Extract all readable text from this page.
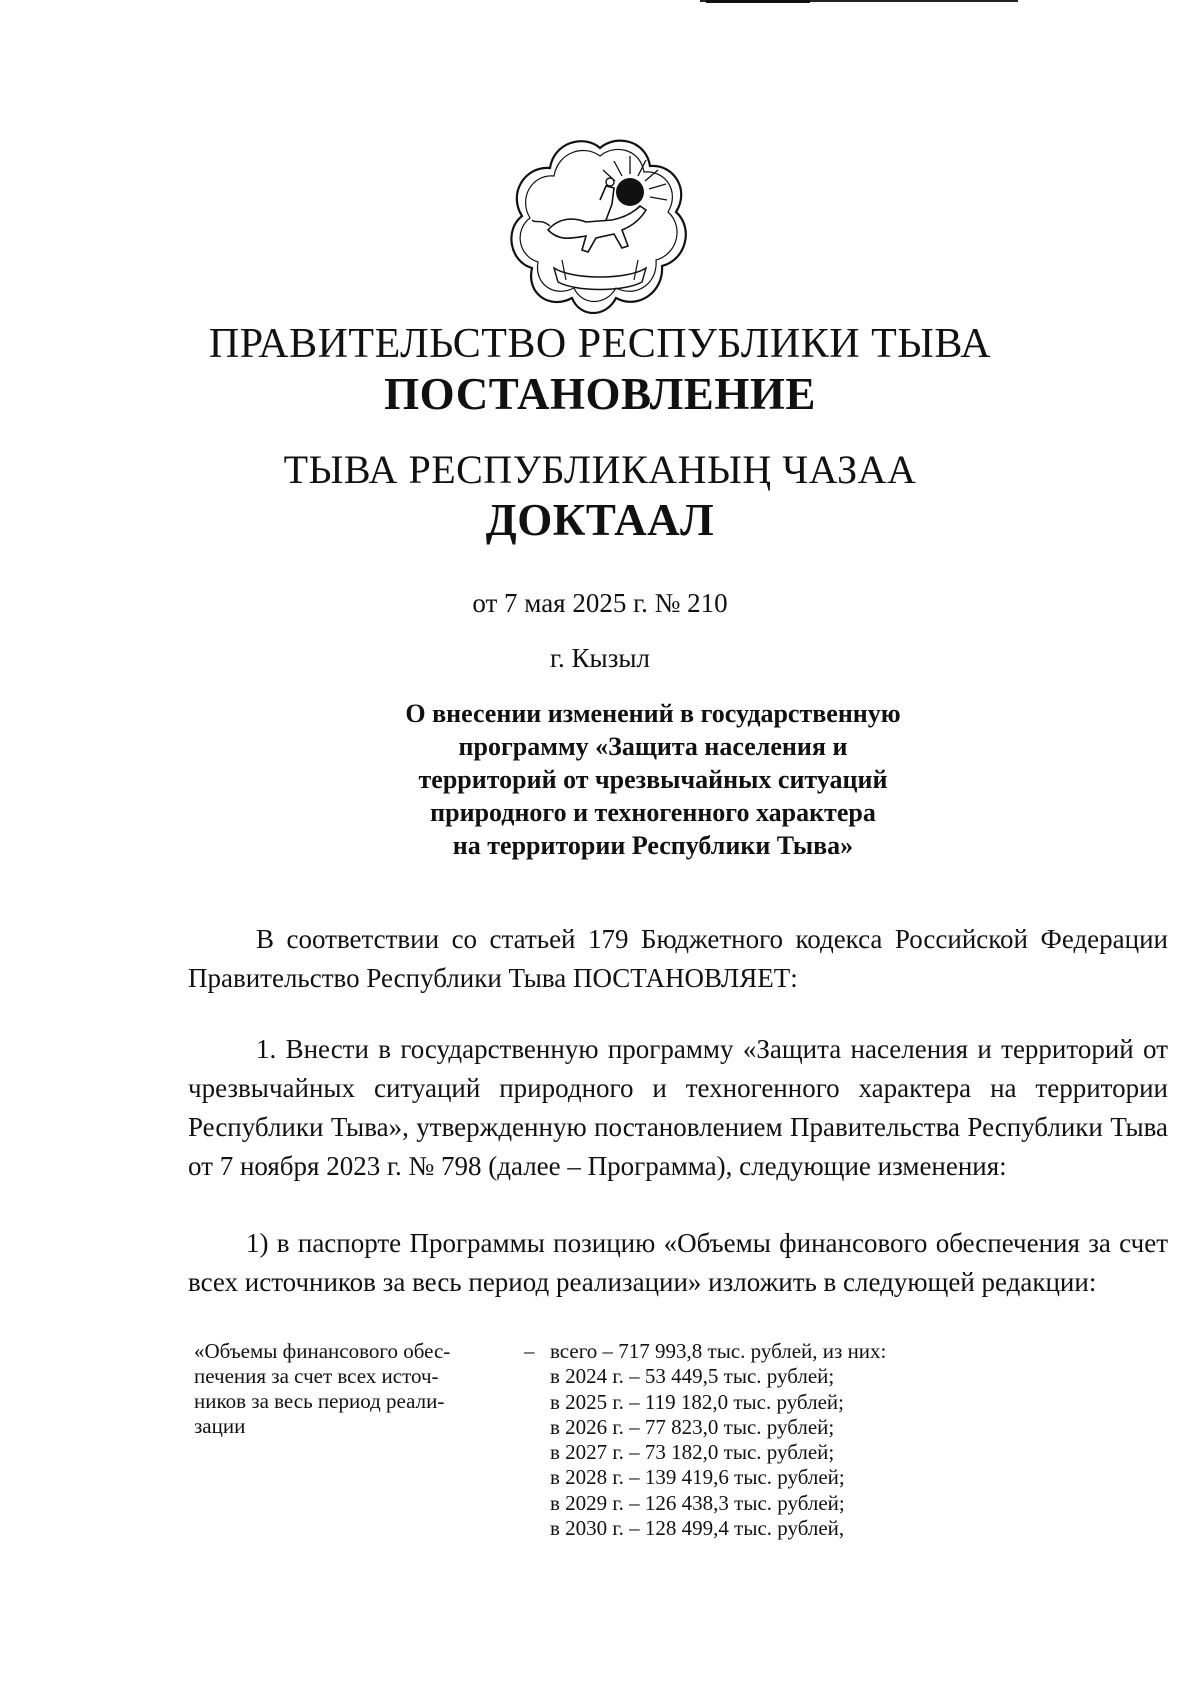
ПРАВИТЕЛЬСТВО РЕСПУБЛИКИ ТЫВА
ПОСТАНОВЛЕНИЕ
ТЫВА РЕСПУБЛИКАНЫҢ ЧАЗАА
ДОКТААЛ
от 7 мая 2025 г. № 210
г. Кызыл
О внесении изменений в государственную
программу «Защита населения и
территорий от чрезвычайных ситуаций
природного и техногенного характера
на территории Республики Тыва»

В соответствии со статьей 179 Бюджетного кодекса Российской Федерации Правительство Республики Тыва ПОСТАНОВЛЯЕТ:

1. Внести в государственную программу «Защита населения и территорий от чрезвычайных ситуаций природного и техногенного характера на территории Республики Тыва», утвержденную постановлением Правительства Республики Тыва от 7 ноября 2023 г. № 798 (далее – Программа), следующие изменения:

1) в паспорте Программы позицию «Объемы финансового обеспечения за счет всех источников за весь период реализации» изложить в следующей редакции:

«Объемы финансового обес-
печения за счет всех источ-
ников за весь период реали-
зации
– всего – 717 993,8 тыс. рублей, из них:
в 2024 г. – 53 449,5 тыс. рублей;
в 2025 г. – 119 182,0 тыс. рублей;
в 2026 г. – 77 823,0 тыс. рублей;
в 2027 г. – 73 182,0 тыс. рублей;
в 2028 г. – 139 419,6 тыс. рублей;
в 2029 г. – 126 438,3 тыс. рублей;
в 2030 г. – 128 499,4 тыс. рублей,
